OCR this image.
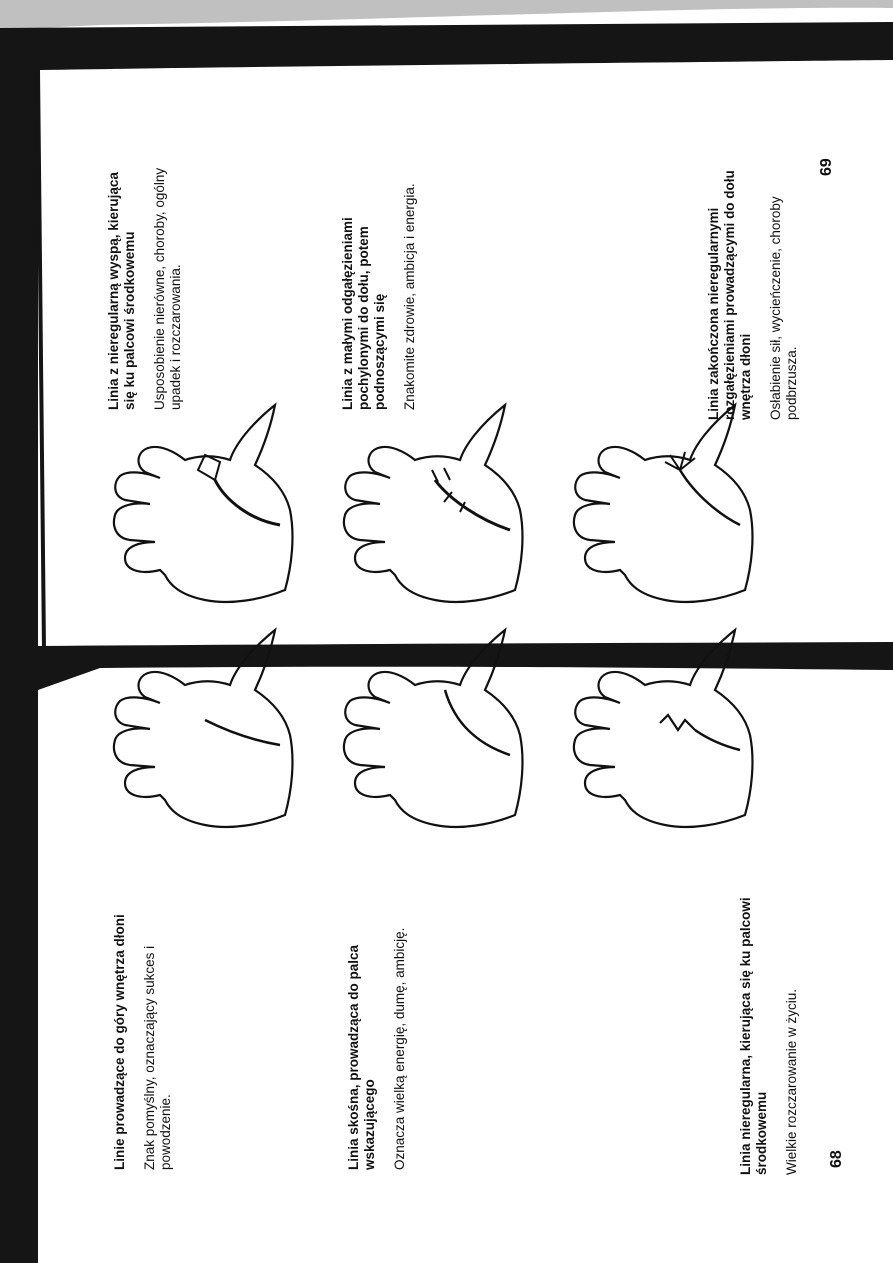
Linia z nieregularną wyspą, kierująca się ku palcowi środkowemu Usposobienie nierówne, choroby, ogólny upadek i rozczarowania.	Linia z małymi odgałęzieniami pochylonymi do dołu, potem podnoszącymi się Znakomite zdrowie, ambicja i energia.	Linia zakończona nieregularnymi rozgałęzieniami prowadzącymi do dołu wnętrza dłoni Osłabienie sił, wycieńczenie, choroby podbrzusza.
69
Linie prowadzące do góry wnętrza dłoni Znak pomyślny, oznaczający sukces i powodzenie.	Linia skośna, prowadząca do palca wskazującego Oznacza wielką energię, dumę, ambicję.	Linia nieregularna, kierująca się ku palcowi środkowemu Wielkie rozczarowanie w życiu. 68
